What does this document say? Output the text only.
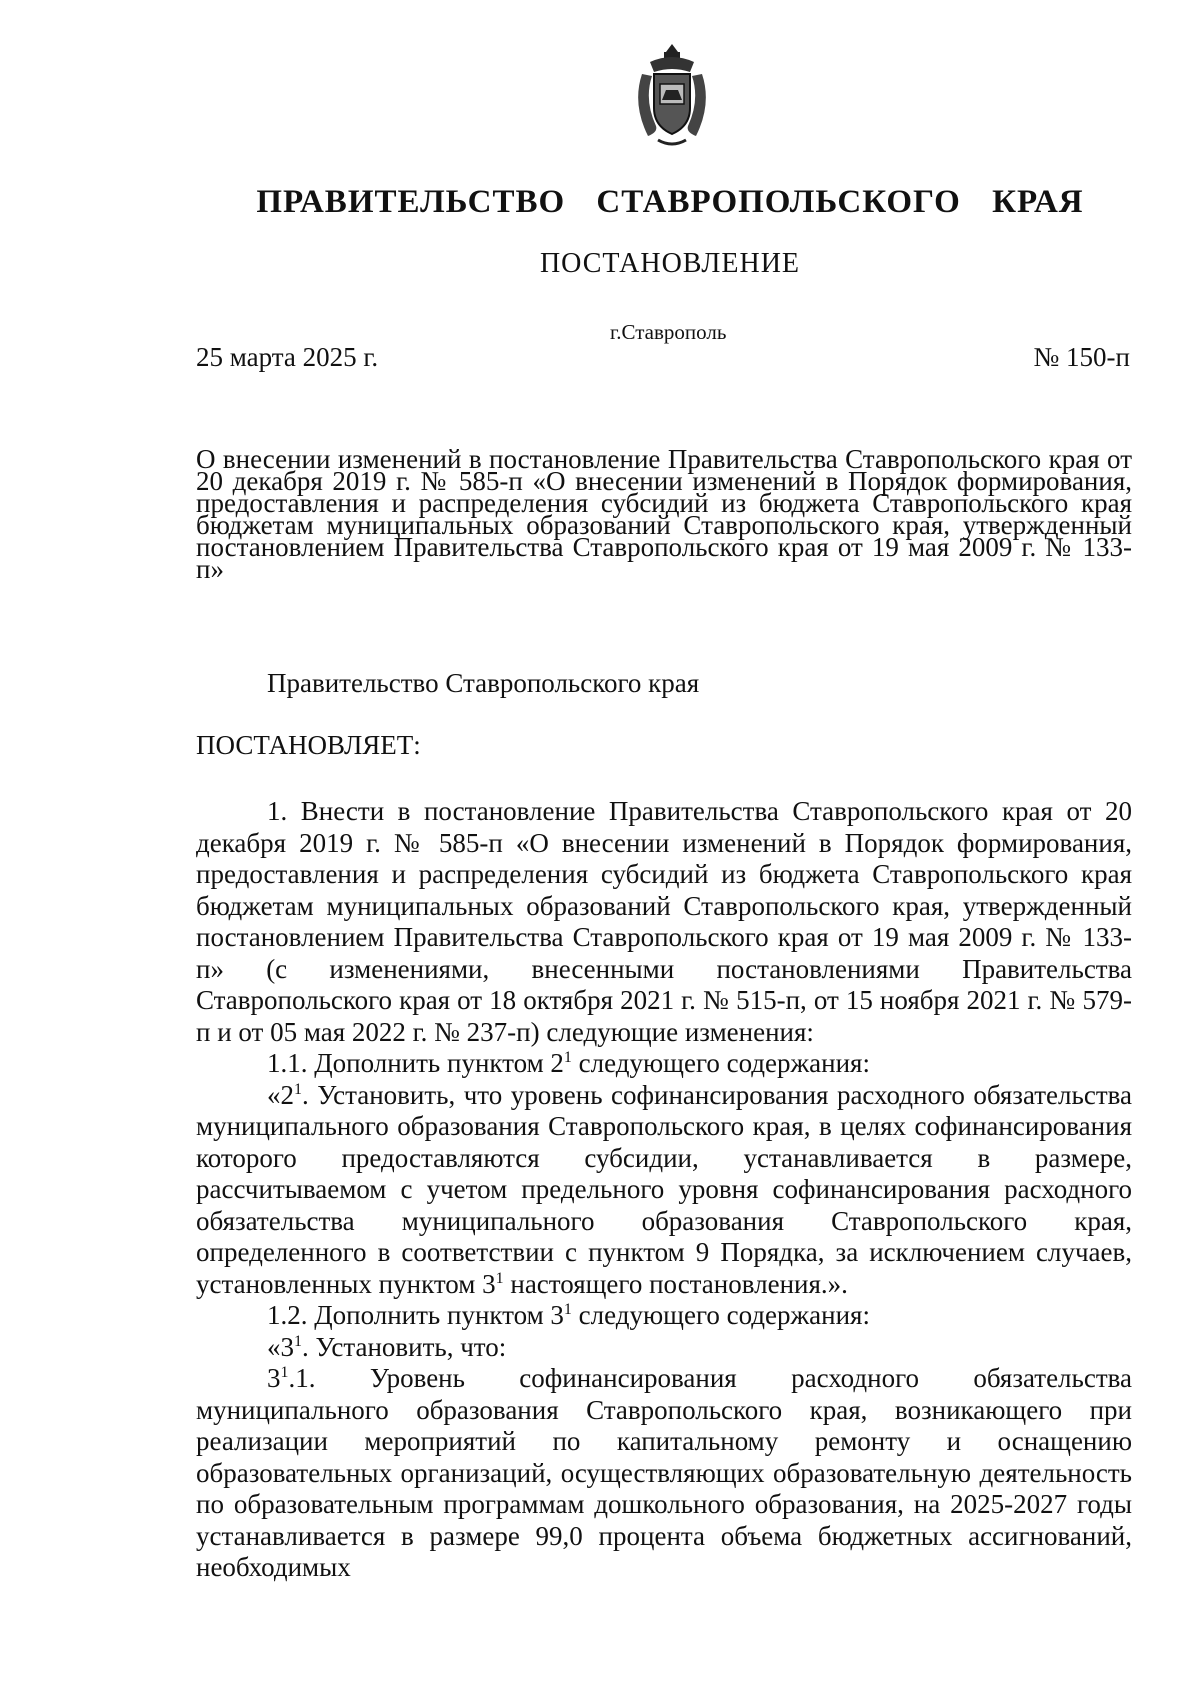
ПРАВИТЕЛЬСТВО СТАВРОПОЛЬСКОГО КРАЯ
ПОСТАНОВЛЕНИЕ
г.Ставрополь
25 марта 2025 г.	№ 150-п
О внесении изменений в постановление Правительства Ставропольского края от 20 декабря 2019 г. № 585-п «О внесении изменений в Порядок формирования, предоставления и распределения субсидий из бюджета Ставропольского края бюджетам муниципальных образований Ставропольского края, утвержденный постановлением Правительства Ставропольского края от 19 мая 2009 г. № 133-п»
Правительство Ставропольского края
ПОСТАНОВЛЯЕТ:

1. Внести в постановление Правительства Ставропольского края от 20 декабря 2019 г. № 585-п «О внесении изменений в Порядок формирования, предоставления и распределения субсидий из бюджета Ставропольского края бюджетам муниципальных образований Ставропольского края, утвержденный постановлением Правительства Ставропольского края от 19 мая 2009 г. № 133-п» (с изменениями, внесенными постановлениями Правительства Ставропольского края от 18 октября 2021 г. № 515-п, от 15 ноября 2021 г. № 579-п и от 05 мая 2022 г. № 237-п) следующие изменения:

1.1. Дополнить пунктом $2^1$ следующего содержания:

«$2^1$. Установить, что уровень софинансирования расходного обязательства муниципального образования Ставропольского края, в целях софинансирования которого предоставляются субсидии, устанавливается в размере, рассчитываемом с учетом предельного уровня софинансирования расходного обязательства муниципального образования Ставропольского края, определенного в соответствии с пунктом 9 Порядка, за исключением случаев, установленных пунктом $3^1$ настоящего постановления.».

1.2. Дополнить пунктом $3^1$ следующего содержания:

«$3^1$. Установить, что:

$3^1.1$. Уровень софинансирования расходного обязательства муниципального образования Ставропольского края, возникающего при реализации мероприятий по капитальному ремонту и оснащению образовательных организаций, осуществляющих образовательную деятельность по образовательным программам дошкольного образования, на 2025-2027 годы устанавливается в размере 99,0 процента объема бюджетных ассигнований, необходимых
